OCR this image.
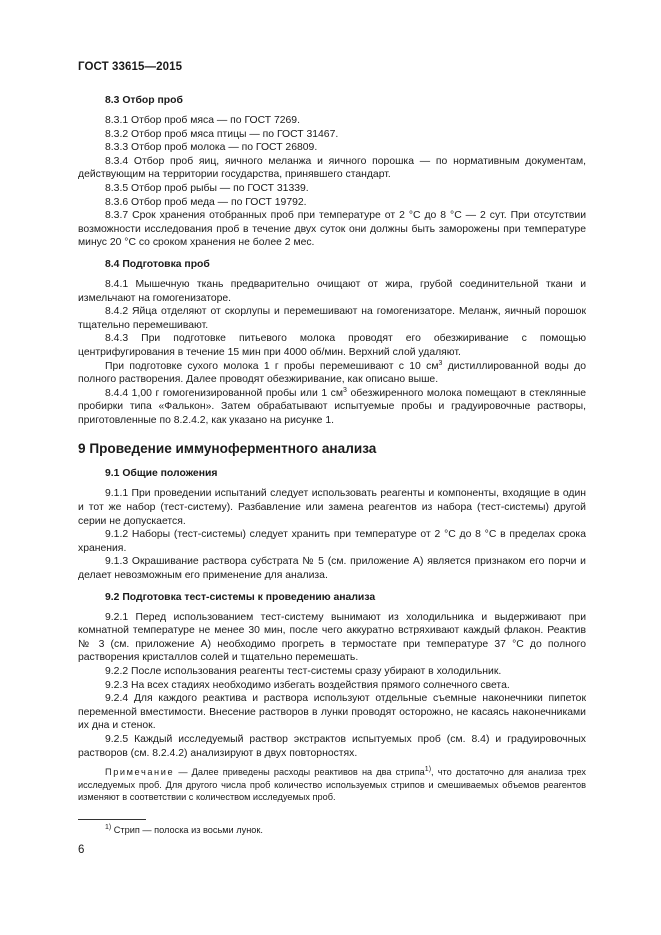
ГОСТ 33615—2015
8.3 Отбор проб

8.3.1 Отбор проб мяса — по ГОСТ 7269.

8.3.2 Отбор проб мяса птицы — по ГОСТ 31467.

8.3.3 Отбор проб молока — по ГОСТ 26809.

8.3.4 Отбор проб яиц, яичного меланжа и яичного порошка — по нормативным документам, действующим на территории государства, принявшего стандарт.

8.3.5 Отбор проб рыбы — по ГОСТ 31339.

8.3.6 Отбор проб меда — по ГОСТ 19792.

8.3.7 Срок хранения отобранных проб при температуре от 2 °С до 8 °С — 2 сут. При отсутствии возможности исследования проб в течение двух суток они должны быть заморожены при температуре минус 20 °С со сроком хранения не более 2 мес.

8.4 Подготовка проб

8.4.1 Мышечную ткань предварительно очищают от жира, грубой соединительной ткани и измельчают на гомогенизаторе.

8.4.2 Яйца отделяют от скорлупы и перемешивают на гомогенизаторе. Меланж, яичный порошок тщательно перемешивают.

8.4.3 При подготовке питьевого молока проводят его обезжиривание с помощью центрифугирования в течение 15 мин при 4000 об/мин. Верхний слой удаляют.

При подготовке сухого молока 1 г пробы перемешивают с 10 $см^3$ дистиллированной воды до полного растворения. Далее проводят обезжиривание, как описано выше.

8.4.4 1,00 г гомогенизированной пробы или 1 $см^3$ обезжиренного молока помещают в стеклянные пробирки типа «Фалькон». Затем обрабатывают испытуемые пробы и градуировочные растворы, приготовленные по 8.2.4.2, как указано на рисунке 1.

9 Проведение иммуноферментного анализа
9.1 Общие положения

9.1.1 При проведении испытаний следует использовать реагенты и компоненты, входящие в один и тот же набор (тест-систему). Разбавление или замена реагентов из набора (тест-системы) другой серии не допускается.

9.1.2 Наборы (тест-системы) следует хранить при температуре от 2 °С до 8 °С в пределах срока хранения.

9.1.3 Окрашивание раствора субстрата № 5 (см. приложение А) является признаком его порчи и делает невозможным его применение для анализа.

9.2 Подготовка тест-системы к проведению анализа

9.2.1 Перед использованием тест-систему вынимают из холодильника и выдерживают при комнатной температуре не менее 30 мин, после чего аккуратно встряхивают каждый флакон. Реактив № 3 (см. приложение А) необходимо прогреть в термостате при температуре 37 °С до полного растворения кристаллов солей и тщательно перемешать.

9.2.2 После использования реагенты тест-системы сразу убирают в холодильник.

9.2.3 На всех стадиях необходимо избегать воздействия прямого солнечного света.

9.2.4 Для каждого реактива и раствора используют отдельные съемные наконечники пипеток переменной вместимости. Внесение растворов в лунки проводят осторожно, не касаясь наконечниками их дна и стенок.

9.2.5 Каждый исследуемый раствор экстрактов испытуемых проб (см. 8.4) и градуировочных растворов (см. 8.2.4.2) анализируют в двух повторностях.

Примечание — Далее приведены расходы реактивов на два стрипа$^{1)}$, что достаточно для анализа трех исследуемых проб. Для другого числа проб количество используемых стрипов и смешиваемых объемов реагентов изменяют в соответствии с количеством исследуемых проб.

$^{1)}$ Стрип — полоска из восьми лунок.
6
